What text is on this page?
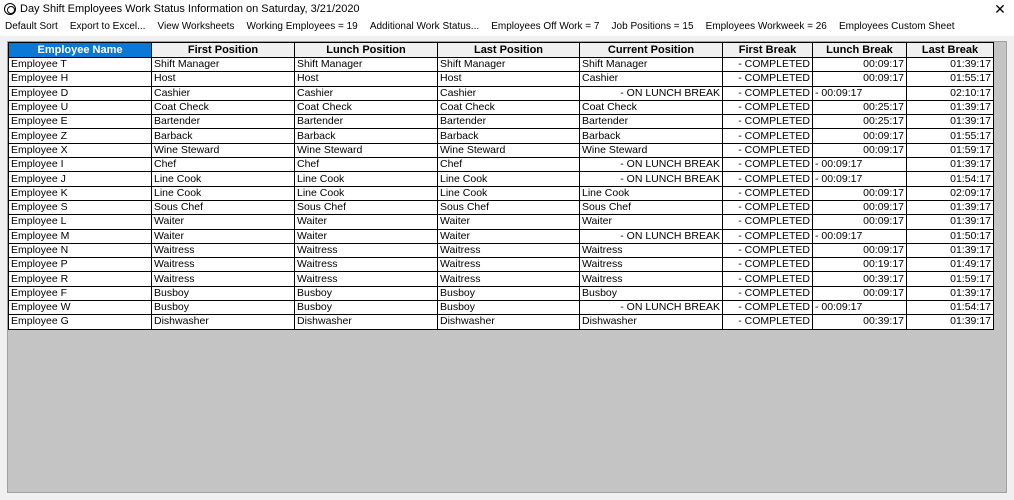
Day Shift Employees Work Status Information on Saturday, 3/21/2020	✕
Default Sort Export to Excel... View Worksheets Working Employees = 19 Additional Work Status... Employees Off Work = 7 Job Positions = 15 Employees Workweek = 26 Employees Custom Sheet
Employee Name	First Position	Lunch Position	Last Position	Current Position	First Break	Lunch Break	Last Break
Employee T	Shift Manager	Shift Manager	Shift Manager	Shift Manager	- COMPLETED	00:09:17	01:39:17
Employee H	Host	Host	Host	Cashier	- COMPLETED	00:09:17	01:55:17
Employee D	Cashier	Cashier	Cashier	- ON LUNCH BREAK	- COMPLETED	- 00:09:17	02:10:17
Employee U	Coat Check	Coat Check	Coat Check	Coat Check	- COMPLETED	00:25:17	01:39:17
Employee E	Bartender	Bartender	Bartender	Bartender	- COMPLETED	00:25:17	01:39:17
Employee Z	Barback	Barback	Barback	Barback	- COMPLETED	00:09:17	01:55:17
Employee X	Wine Steward	Wine Steward	Wine Steward	Wine Steward	- COMPLETED	00:09:17	01:59:17
Employee I	Chef	Chef	Chef	- ON LUNCH BREAK	- COMPLETED	- 00:09:17	01:39:17
Employee J	Line Cook	Line Cook	Line Cook	- ON LUNCH BREAK	- COMPLETED	- 00:09:17	01:54:17
Employee K	Line Cook	Line Cook	Line Cook	Line Cook	- COMPLETED	00:09:17	02:09:17
Employee S	Sous Chef	Sous Chef	Sous Chef	Sous Chef	- COMPLETED	00:09:17	01:39:17
Employee L	Waiter	Waiter	Waiter	Waiter	- COMPLETED	00:09:17	01:39:17
Employee M	Waiter	Waiter	Waiter	- ON LUNCH BREAK	- COMPLETED	- 00:09:17	01:50:17
Employee N	Waitress	Waitress	Waitress	Waitress	- COMPLETED	00:09:17	01:39:17
Employee P	Waitress	Waitress	Waitress	Waitress	- COMPLETED	00:19:17	01:49:17
Employee R	Waitress	Waitress	Waitress	Waitress	- COMPLETED	00:39:17	01:59:17
Employee F	Busboy	Busboy	Busboy	Busboy	- COMPLETED	00:09:17	01:39:17
Employee W	Busboy	Busboy	Busboy	- ON LUNCH BREAK	- COMPLETED	- 00:09:17	01:54:17
Employee G	Dishwasher	Dishwasher	Dishwasher	Dishwasher	- COMPLETED	00:39:17	01:39:17
